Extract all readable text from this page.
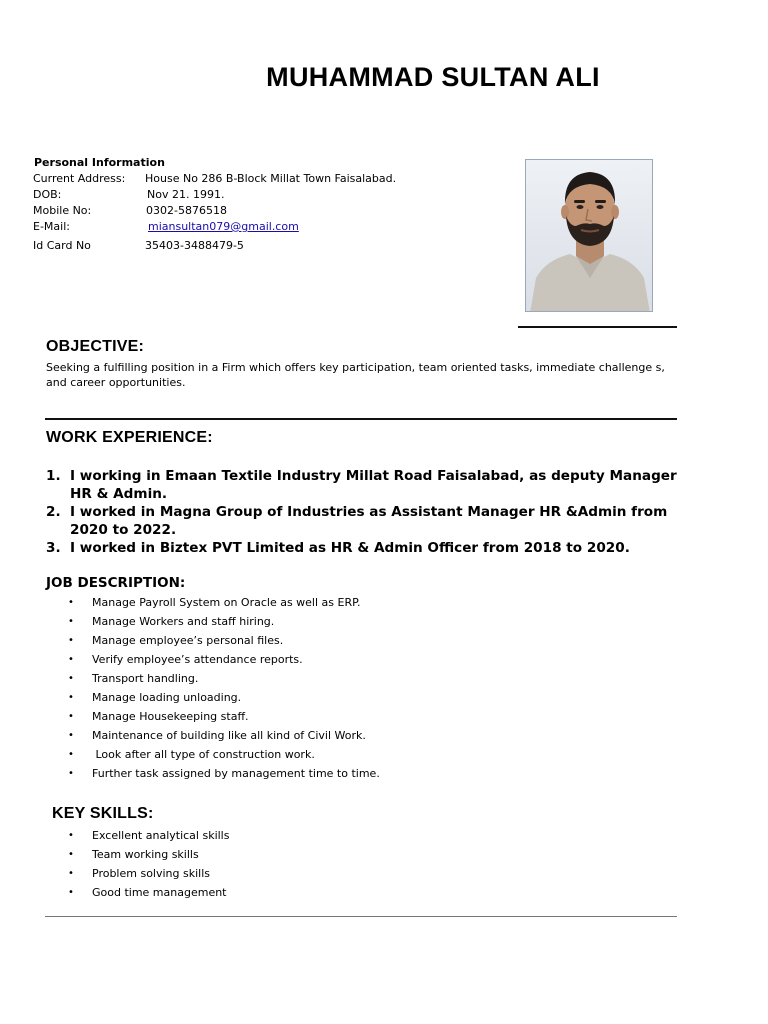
MUHAMMAD SULTAN ALI
Personal Information
Current Address: House No 286 B-Block Millat Town Faisalabad.
DOB:	Nov 21. 1991.
Mobile No:	0302-5876518
E-Mail:	miansultan079@gmail.com
Id Card No	35403-3488479-5
OBJECTIVE:
Seeking a fulfilling position in a Firm which offers key participation, team oriented tasks, immediate challenge s, and career opportunities.
WORK EXPERIENCE:
1. I working in Emaan Textile Industry Millat Road Faisalabad, as deputy Manager HR & Admin.
2. I worked in Magna Group of Industries as Assistant Manager HR &Admin from 2020 to 2022.
3. I worked in Biztex PVT Limited as HR & Admin Officer from 2018 to 2020.
JOB DESCRIPTION:
• Manage Payroll System on Oracle as well as ERP.
• Manage Workers and staff hiring.
• Manage employee’s personal files.
• Verify employee’s attendance reports.
• Transport handling.
• Manage loading unloading.
• Manage Housekeeping staff.
• Maintenance of building like all kind of Civil Work.
• Look after all type of construction work.
• Further task assigned by management time to time.
KEY SKILLS:
• Excellent analytical skills
• Team working skills
• Problem solving skills
• Good time management
